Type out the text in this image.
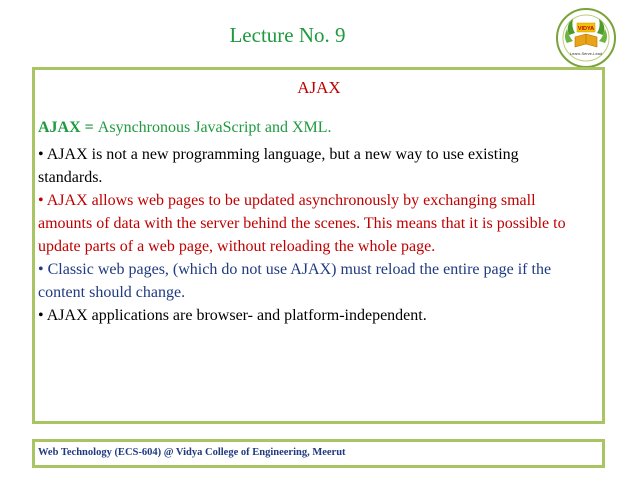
Lecture No. 9	VIDYA
Learn-Serve-Lead
AJAX
AJAX = Asynchronous JavaScript and XML.
• AJAX is not a new programming language, but a new way to use existing standards.
• AJAX allows web pages to be updated asynchronously by exchanging small amounts of data with the server behind the scenes. This means that it is possible to update parts of a web page, without reloading the whole page.
• Classic web pages, (which do not use AJAX) must reload the entire page if the content should change.
• AJAX applications are browser- and platform-independent.
Web Technology (ECS-604) @ Vidya College of Engineering, Meerut
